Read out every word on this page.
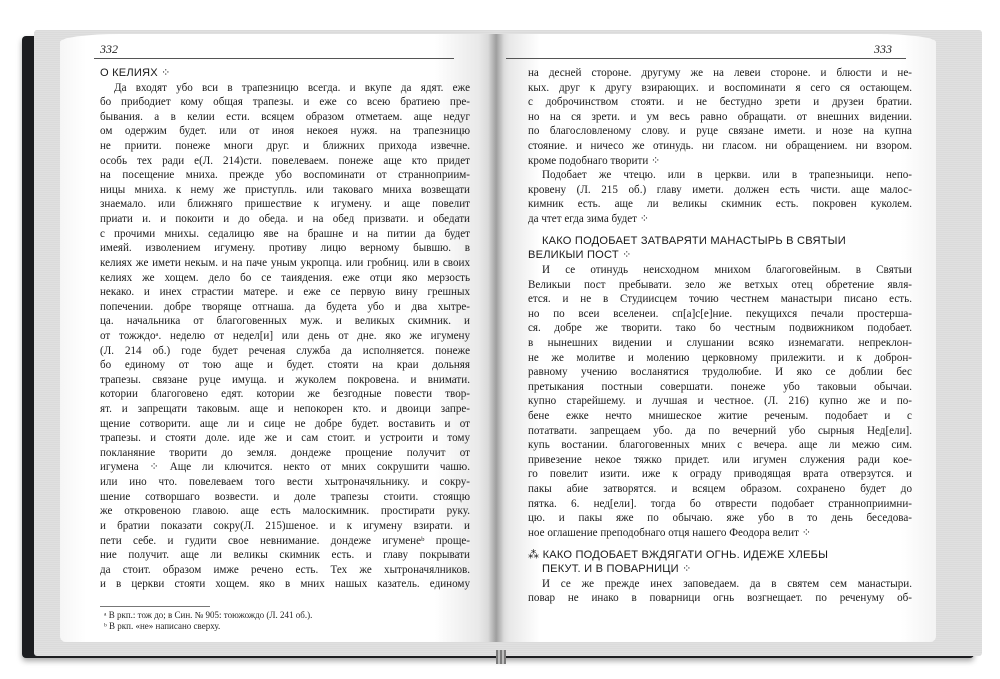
332
О КЕЛИЯХ ⁘
Да входят убо вси в трапезницю всегда. и вкупе да ядят. еже
бо прибодиет кому общая трапезы. и еже со всею братиею пре-
бывания. а в келии ести. всяцем образом отметаем. аще недуг
ом одержим будет. или от иноя некоея нужя. на трапезницю
не приити. понеже многи друг. и ближних прихода извечне.
особь тех ради е(Л. 214)сти. повелеваем. понеже аще кто придет
на посещение мниха. прежде убо воспоминати от странноприим-
ницы мниха. к нему же приступль. или таковаго мниха возвещати
знаемало. или ближняго пришествие к игумену. и аще повелит
приати и. и покоити и до обеда. и на обед призвати. и обедати
с прочими мнихы. седалицю яве на брашне и на питии да будет
имеяй. изволением игумену. противу лицю верному бывшю. в
келиях же имети некым. и на паче уным укропца. или гробниц. или в своих
келиях же хощем. дело бо се таиядения. еже отци яко мерзость
некако. и инех страстии матере. и еже се первую вину грешных
попечении. добре творяще отгнаша. да будета убо и два хытре-
ца. начальника от благоговенных муж. и великых скимник. и
от тожждоᵃ. неделю от недел[и] или день от дне. яко же игумену
(Л. 214 об.) годе будет реченая служба да исполняется. понеже
бо единому от тою аще и будет. стояти на краи дольняя
трапезы. связане руце имуща. и жуколем покровена. и внимати.
котории благоговено едят. котории же безгодные повести твор-
ят. и запрещати таковым. аще и непокорен кто. и двоици запре-
щение сотворити. аще ли и сице не добре будет. воставить и от
трапезы. и стояти доле. иде же и сам стоит. и устроити и тому
покланяние творити до земля. дондеже прощение получит от
игумена ⁘ Аще ли ключится. некто от мних сокрушити чашю.
или ино что. повелеваем того вести хытроначяльнику. и сокру-
шение сотворшаго возвести. и доле трапезы стоити. стоящю
же откровеною главою. аще есть малоскимник. простирати руку.
и братии показати сокру(Л. 215)шеное. и к игумену взирати. и
пети себе. и гудити свое невнимание. дондеже игуменеᵇ проще-
ние получит. аще ли великы скимник есть. и главу покрывати
да стоит. образом имже речено есть. Тех же хытроначялников.
и в церкви стояти хощем. яко в мних нашых казатель. единому
ᵃ В ркп.: тож до; в Син. № 905: тоюжождо (Л. 241 об.).
ᵇ В ркп. «не» написано сверху.
333
на десней стороне. другуму же на левеи стороне. и блюсти и не-
кых. друг к другу взирающих. и воспоминати я сего ся остающем.
с доброчинством стояти. и не бестудно зрети и друзеи братии.
но на ся зрети. и ум весь равно обращати. от внешних видении.
по благословленому слову. и руце связане имети. и нозе на купна
стояние. и ничесо же отинудь. ни гласом. ни обращением. ни взором.
кроме подобнаго творити ⁘
Подобает же чтецю. или в церкви. или в трапезныици. непо-
кровену (Л. 215 об.) главу имети. должен есть чисти. аще малос-
кимник есть. аще ли великы скимник есть. покровен куколем.
да чтет егда зима будет ⁘
КАКО ПОДОБАЕТ ЗАТВАРЯТИ МАНАСТЫРЬ В СВЯТЫИ
ВЕЛИКЫИ ПОСТ ⁘
И се отинудь неисходном мнихом благоговейным. в Святыи
Великыи пост пребывати. зело же ветхых отец обретение явля-
ется. и не в Студиисцем точию честнем манастыри писано есть.
но по всеи вселенеи. сп[а]с[е]ние. пекущихся печали простерша-
ся. добре же творити. тако бо честным подвижником подобает.
в нынешних видении и слушании всяко изнемагати. непреклон-
не же молитве и молению церковному прилежити. и к доброн-
равному учению восланятися трудолюбие. И яко се доблии бес
претыкания постныи совершати. понеже убо таковыи обычаи.
купно старейшему. и лучшая и честное. (Л. 216) купно же и по-
бене ежке нечто мнишеское житие реченым. подобает и с
потатвати. запрещаем убо. да по вечерний убо сырныя Нед[ели].
купь востании. благоговенных мних с вечера. аще ли межю сим.
привезение некое тяжко придет. или игумен служения ради кое-
го повелит изити. иже к ограду приводящая врата отверзутся. и
пакы абие затворятся. и всяцем образом. сохранено будет до
пятка. 6. нед[ели]. тогда бо отврести подобает странноприимни-
цю. и пакы яже по обычаю. яже убо в то день беседова-
ное оглашение преподобнаго отця нашего Феодора велит ⁘
⁂ КАКО ПОДОБАЕТ ВЖДЯГАТИ ОГНЬ. ИДЕЖЕ ХЛЕБЫ
ПЕКУТ. И В ПОВАРНИЦИ ⁘
И се же прежде инех заповедаем. да в святем сем манастыри.
повар не инако в поварници огнь возгнещает. по реченуму об-
